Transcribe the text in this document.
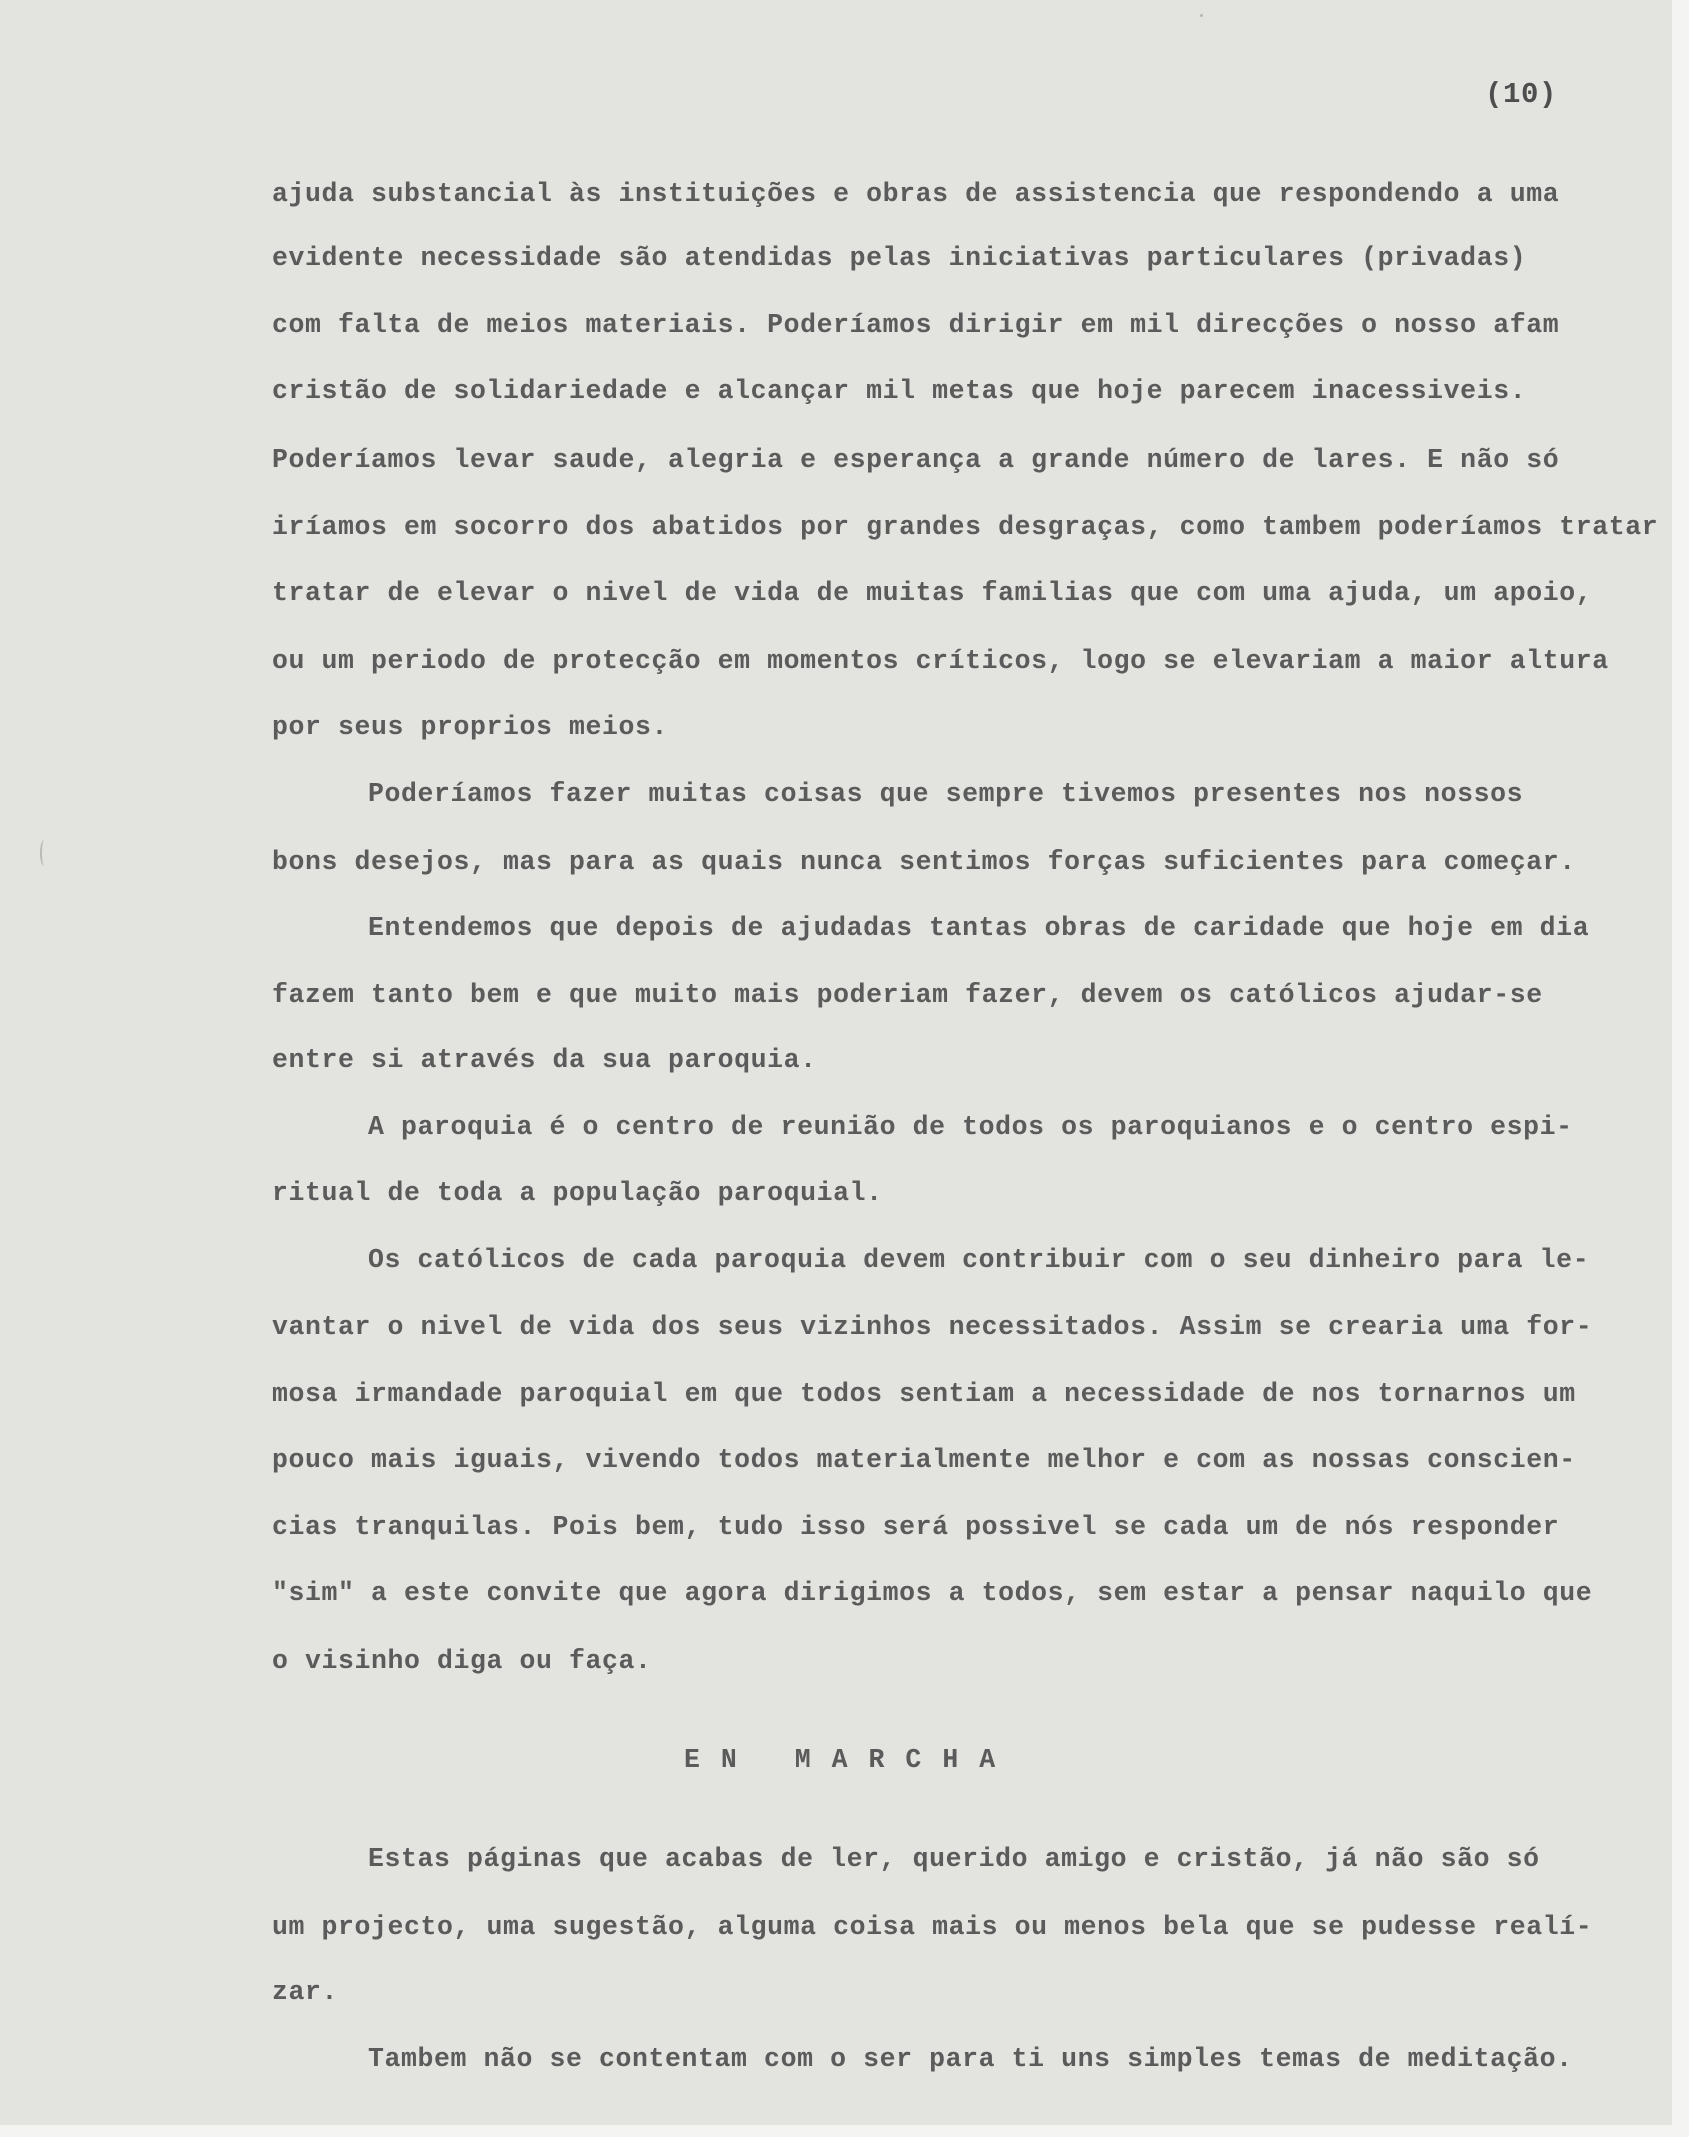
(10)

ajuda substancial às instituições e obras de assistencia que respondendo a uma

evidente necessidade são atendidas pelas iniciativas particulares (privadas)

com falta de meios materiais. Poderíamos dirigir em mil direcções o nosso afam

cristão de solidariedade e alcançar mil metas que hoje parecem inacessiveis.

Poderíamos levar saude, alegria e esperança a grande número de lares. E não só

iríamos em socorro dos abatidos por grandes desgraças, como tambem poderíamos tratar

tratar de elevar o nivel de vida de muitas familias que com uma ajuda, um apoio,

ou um periodo de protecção em momentos críticos, logo se elevariam a maior altura

por seus proprios meios.

Poderíamos fazer muitas coisas que sempre tivemos presentes nos nossos

bons desejos, mas para as quais nunca sentimos forças suficientes para começar.

Entendemos que depois de ajudadas tantas obras de caridade que hoje em dia

fazem tanto bem e que muito mais poderiam fazer, devem os católicos ajudar-se

entre si através da sua paroquia.

A paroquia é o centro de reunião de todos os paroquianos e o centro espi-

ritual de toda a população paroquial.

Os católicos de cada paroquia devem contribuir com o seu dinheiro para le-

vantar o nivel de vida dos seus vizinhos necessitados. Assim se crearia uma for-

mosa irmandade paroquial em que todos sentiam a necessidade de nos tornarnos um

pouco mais iguais, vivendo todos materialmente melhor e com as nossas conscien-

cias tranquilas. Pois bem, tudo isso será possivel se cada um de nós responder

"sim" a este convite que agora dirigimos a todos, sem estar a pensar naquilo que

o visinho diga ou faça.

EN MARCHA

Estas páginas que acabas de ler, querido amigo e cristão, já não são só

um projecto, uma sugestão, alguma coisa mais ou menos bela que se pudesse realí-

zar.

Tambem não se contentam com o ser para ti uns simples temas de meditação.
